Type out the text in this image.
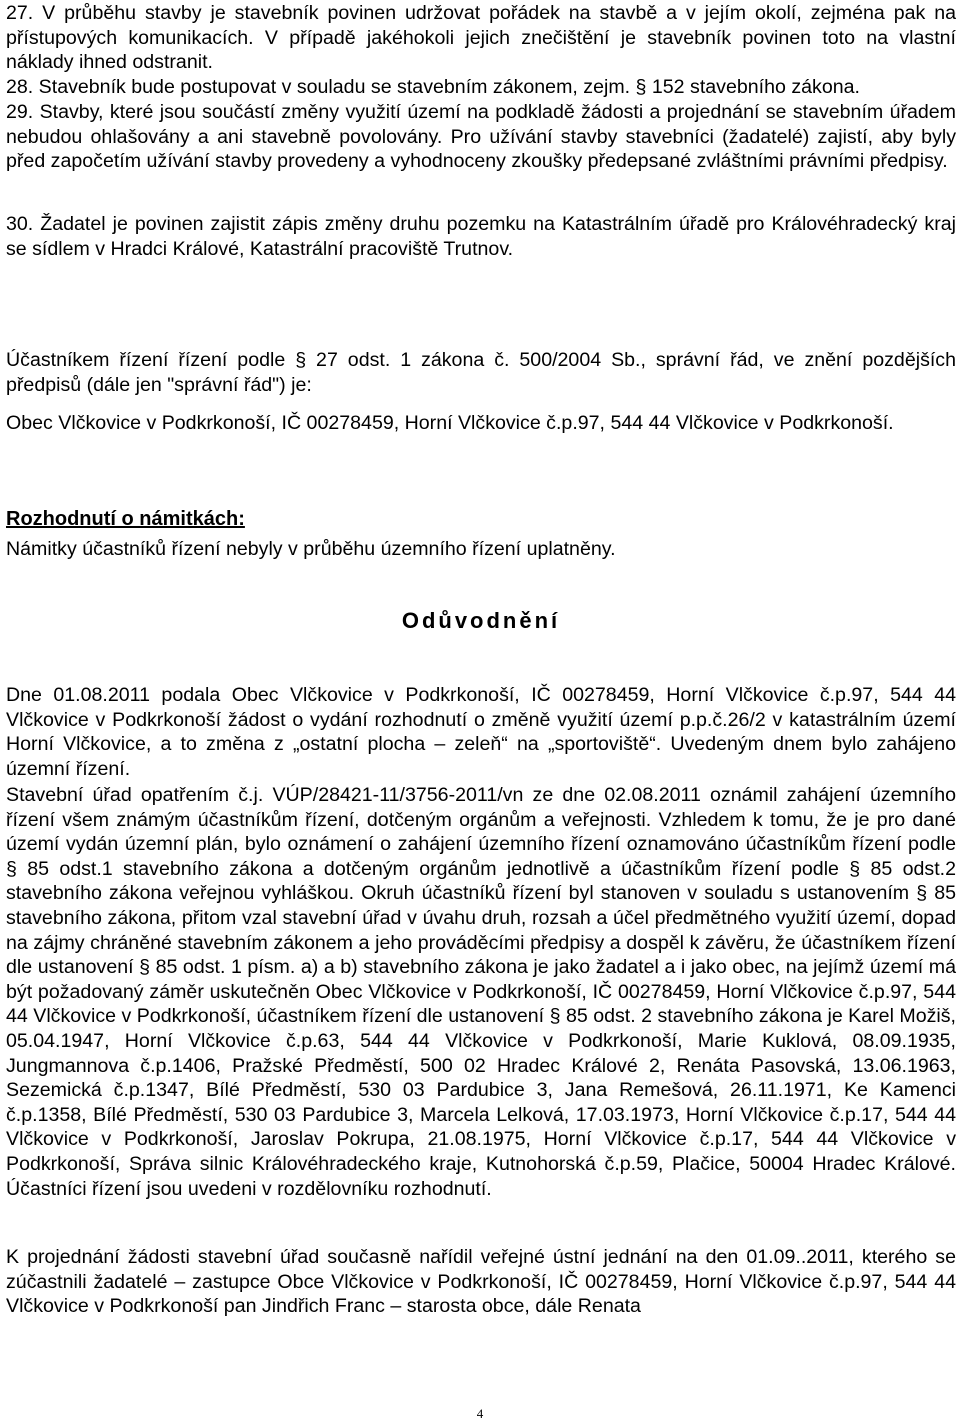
27. V průběhu stavby je stavebník povinen udržovat pořádek na stavbě a v jejím okolí, zejména pak na přístupových komunikacích. V případě jakéhokoli jejich znečištění je stavebník povinen toto na vlastní náklady ihned odstranit.

28. Stavebník bude postupovat v souladu se stavebním zákonem, zejm. § 152 stavebního zákona.

29. Stavby, které jsou součástí změny využití území na podkladě žádosti a projednání se stavebním úřadem nebudou ohlašovány a ani stavebně povolovány. Pro užívání stavby stavebníci (žadatelé) zajistí, aby byly před započetím užívání stavby provedeny a vyhodnoceny zkoušky předepsané zvláštními právními předpisy.

30. Žadatel je povinen zajistit zápis změny druhu pozemku na Katastrálním úřadě pro Královéhradecký kraj se sídlem v Hradci Králové, Katastrální pracoviště Trutnov.

Účastníkem řízení řízení podle § 27 odst. 1 zákona č. 500/2004 Sb., správní řád, ve znění pozdějších předpisů (dále jen "správní řád") je:

Obec Vlčkovice v Podkrkonoší, IČ 00278459, Horní Vlčkovice č.p.97, 544 44 Vlčkovice v Podkrkonoší.

Rozhodnutí o námitkách:

Námitky účastníků řízení nebyly v průběhu územního řízení uplatněny.

Odůvodnění

Dne 01.08.2011 podala Obec Vlčkovice v Podkrkonoší, IČ 00278459, Horní Vlčkovice č.p.97, 544 44 Vlčkovice v Podkrkonoší žádost o vydání rozhodnutí o změně využití území p.p.č.26/2 v katastrálním území Horní Vlčkovice, a to změna z „ostatní plocha – zeleň“ na „sportoviště“. Uvedeným dnem bylo zahájeno územní řízení.

Stavební úřad opatřením č.j. VÚP/28421-11/3756-2011/vn ze dne 02.08.2011 oznámil zahájení územního řízení všem známým účastníkům řízení, dotčeným orgánům a veřejnosti. Vzhledem k tomu, že je pro dané území vydán územní plán, bylo oznámení o zahájení územního řízení oznamováno účastníkům řízení podle § 85 odst.1 stavebního zákona a dotčeným orgánům jednotlivě a účastníkům řízení podle § 85 odst.2 stavebního zákona veřejnou vyhláškou. Okruh účastníků řízení byl stanoven v souladu s ustanovením § 85 stavebního zákona, přitom vzal stavební úřad v úvahu druh, rozsah a účel předmětného využití území, dopad na zájmy chráněné stavebním zákonem a jeho prováděcími předpisy a dospěl k závěru, že účastníkem řízení dle ustanovení § 85 odst. 1 písm. a) a b) stavebního zákona je jako žadatel a i jako obec, na jejímž území má být požadovaný záměr uskutečněn Obec Vlčkovice v Podkrkonoší, IČ 00278459, Horní Vlčkovice č.p.97, 544 44 Vlčkovice v Podkrkonoší, účastníkem řízení dle ustanovení § 85 odst. 2 stavebního zákona je Karel Možiš, 05.04.1947, Horní Vlčkovice č.p.63, 544 44 Vlčkovice v Podkrkonoší, Marie Kuklová, 08.09.1935, Jungmannova č.p.1406, Pražské Předměstí, 500 02 Hradec Králové 2, Renáta Pasovská, 13.06.1963, Sezemická č.p.1347, Bílé Předměstí, 530 03 Pardubice 3, Jana Remešová, 26.11.1971, Ke Kamenci č.p.1358, Bílé Předměstí, 530 03 Pardubice 3, Marcela Lelková, 17.03.1973, Horní Vlčkovice č.p.17, 544 44 Vlčkovice v Podkrkonoší, Jaroslav Pokrupa, 21.08.1975, Horní Vlčkovice č.p.17, 544 44 Vlčkovice v Podkrkonoší, Správa silnic Královéhradeckého kraje, Kutnohorská č.p.59, Plačice, 50004 Hradec Králové. Účastníci řízení jsou uvedeni v rozdělovníku rozhodnutí.

K projednání žádosti stavební úřad současně nařídil veřejné ústní jednání na den 01.09..2011, kterého se zúčastnili žadatelé – zastupce Obce Vlčkovice v Podkrkonoší, IČ 00278459, Horní Vlčkovice č.p.97, 544 44 Vlčkovice v Podkrkonoší pan Jindřich Franc – starosta obce, dále Renata

4
